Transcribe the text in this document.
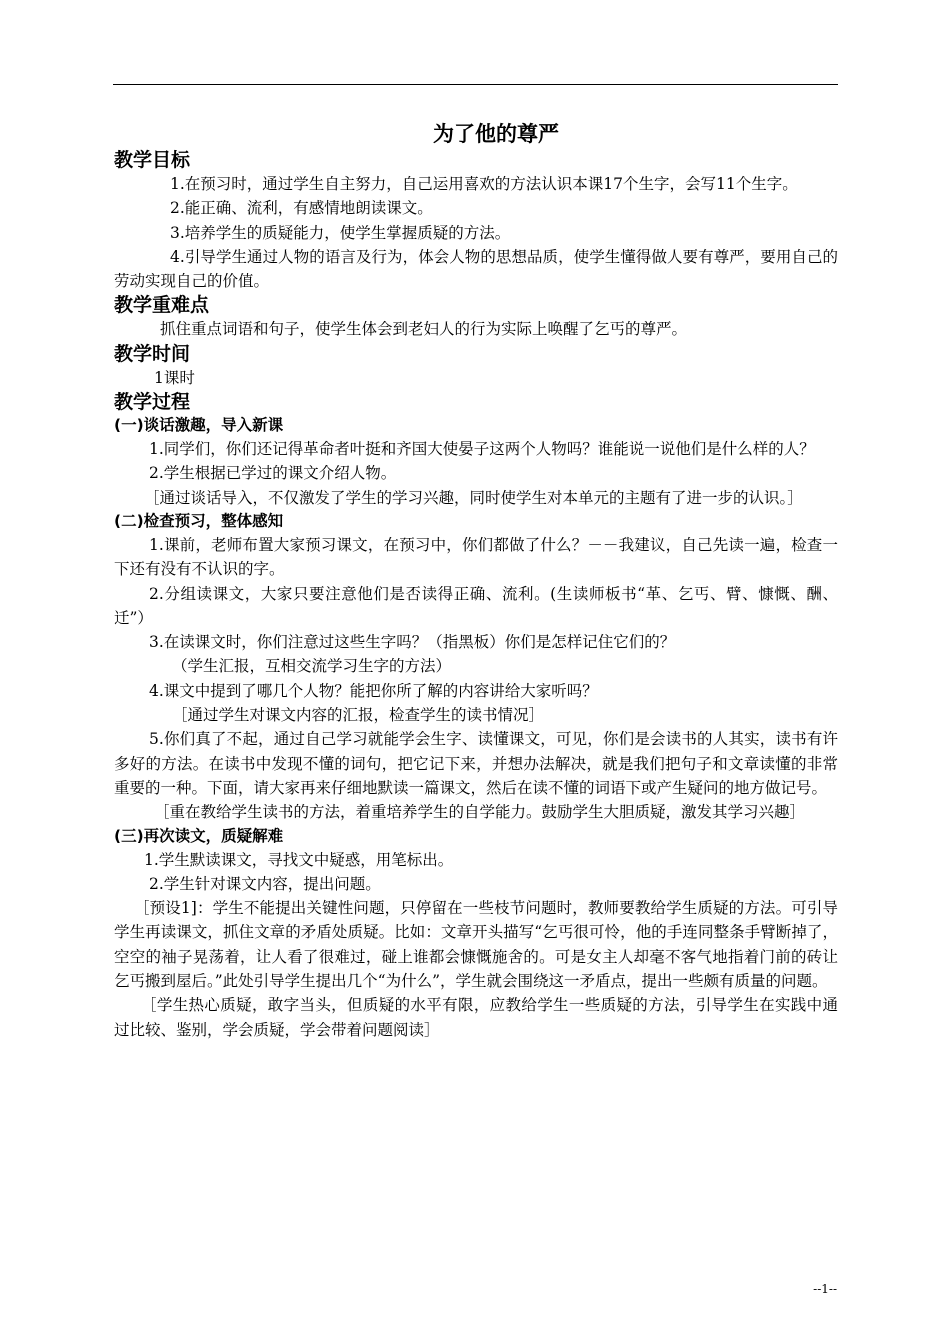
为了他的尊严
教学目标

1.在预习时，通过学生自主努力，自己运用喜欢的方法认识本课17个生字，会写11个生字。

2.能正确、流利，有感情地朗读课文。

3.培养学生的质疑能力，使学生掌握质疑的方法。

4.引导学生通过人物的语言及行为，体会人物的思想品质，使学生懂得做人要有尊严，要用自己的劳动实现自己的价值。

教学重难点

抓住重点词语和句子，使学生体会到老妇人的行为实际上唤醒了乞丐的尊严。

教学时间

1课时

教学过程
(一)谈话激趣，导入新课

1.同学们，你们还记得革命者叶挺和齐国大使晏子这两个人物吗？谁能说一说他们是什么样的人？

2.学生根据已学过的课文介绍人物。

［通过谈话导入，不仅激发了学生的学习兴趣，同时使学生对本单元的主题有了进一步的认识。］

(二)检查预习，整体感知

1.课前，老师布置大家预习课文，在预习中，你们都做了什么？－－我建议，自己先读一遍，检查一下还有没有不认识的字。

2.分组读课文，大家只要注意他们是否读得正确、流利。(生读师板书“革、乞丐、臂、慷慨、酬、迁”）

3.在读课文时，你们注意过这些生字吗？（指黑板）你们是怎样记住它们的？

（学生汇报，互相交流学习生字的方法）

4.课文中提到了哪几个人物？能把你所了解的内容讲给大家听吗？

［通过学生对课文内容的汇报，检查学生的读书情况］

5.你们真了不起，通过自己学习就能学会生字、读懂课文，可见，你们是会读书的人其实，读书有许多好的方法。在读书中发现不懂的词句，把它记下来，并想办法解决，就是我们把句子和文章读懂的非常重要的一种。下面，请大家再来仔细地默读一篇课文，然后在读不懂的词语下或产生疑问的地方做记号。

［重在教给学生读书的方法，着重培养学生的自学能力。鼓励学生大胆质疑，激发其学习兴趣］

(三)再次读文，质疑解难

1.学生默读课文，寻找文中疑惑，用笔标出。

2.学生针对课文内容，提出问题。

［预设1]：学生不能提出关键性问题，只停留在一些枝节问题时，教师要教给学生质疑的方法。可引导学生再读课文，抓住文章的矛盾处质疑。比如：文章开头描写“乞丐很可怜，他的手连同整条手臂断掉了，空空的袖子晃荡着，让人看了很难过，碰上谁都会慷慨施舍的。可是女主人却毫不客气地指着门前的砖让乞丐搬到屋后。”此处引导学生提出几个“为什么”，学生就会围绕这一矛盾点，提出一些颇有质量的问题。

［学生热心质疑，敢字当头，但质疑的水平有限，应教给学生一些质疑的方法，引导学生在实践中通过比较、鉴别，学会质疑，学会带着问题阅读］

--1--
